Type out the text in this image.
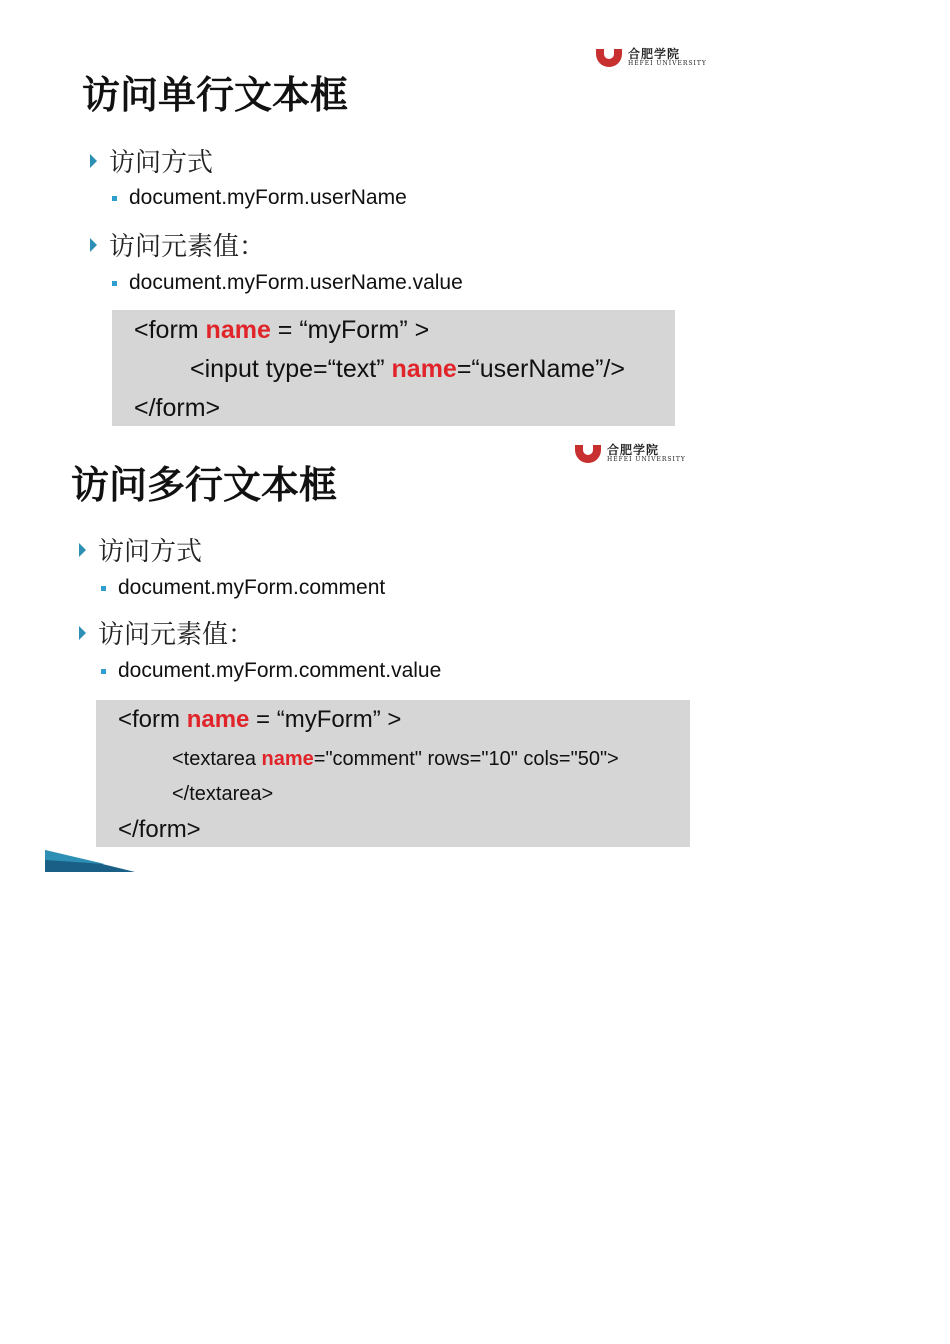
合肥学院
HEFEI UNIVERSITY
访问单行文本框
访问方式
document.myForm.userName
访问元素值：
document.myForm.userName.value
<form name = “myForm” >
<input type=“text” name=“userName”/>
</form>
合肥学院
HEFEI UNIVERSITY
访问多行文本框
访问方式
document.myForm.comment
访问元素值：
document.myForm.comment.value
<form name = “myForm” >
<textarea name="comment" rows="10" cols="50">
</textarea>
</form>
